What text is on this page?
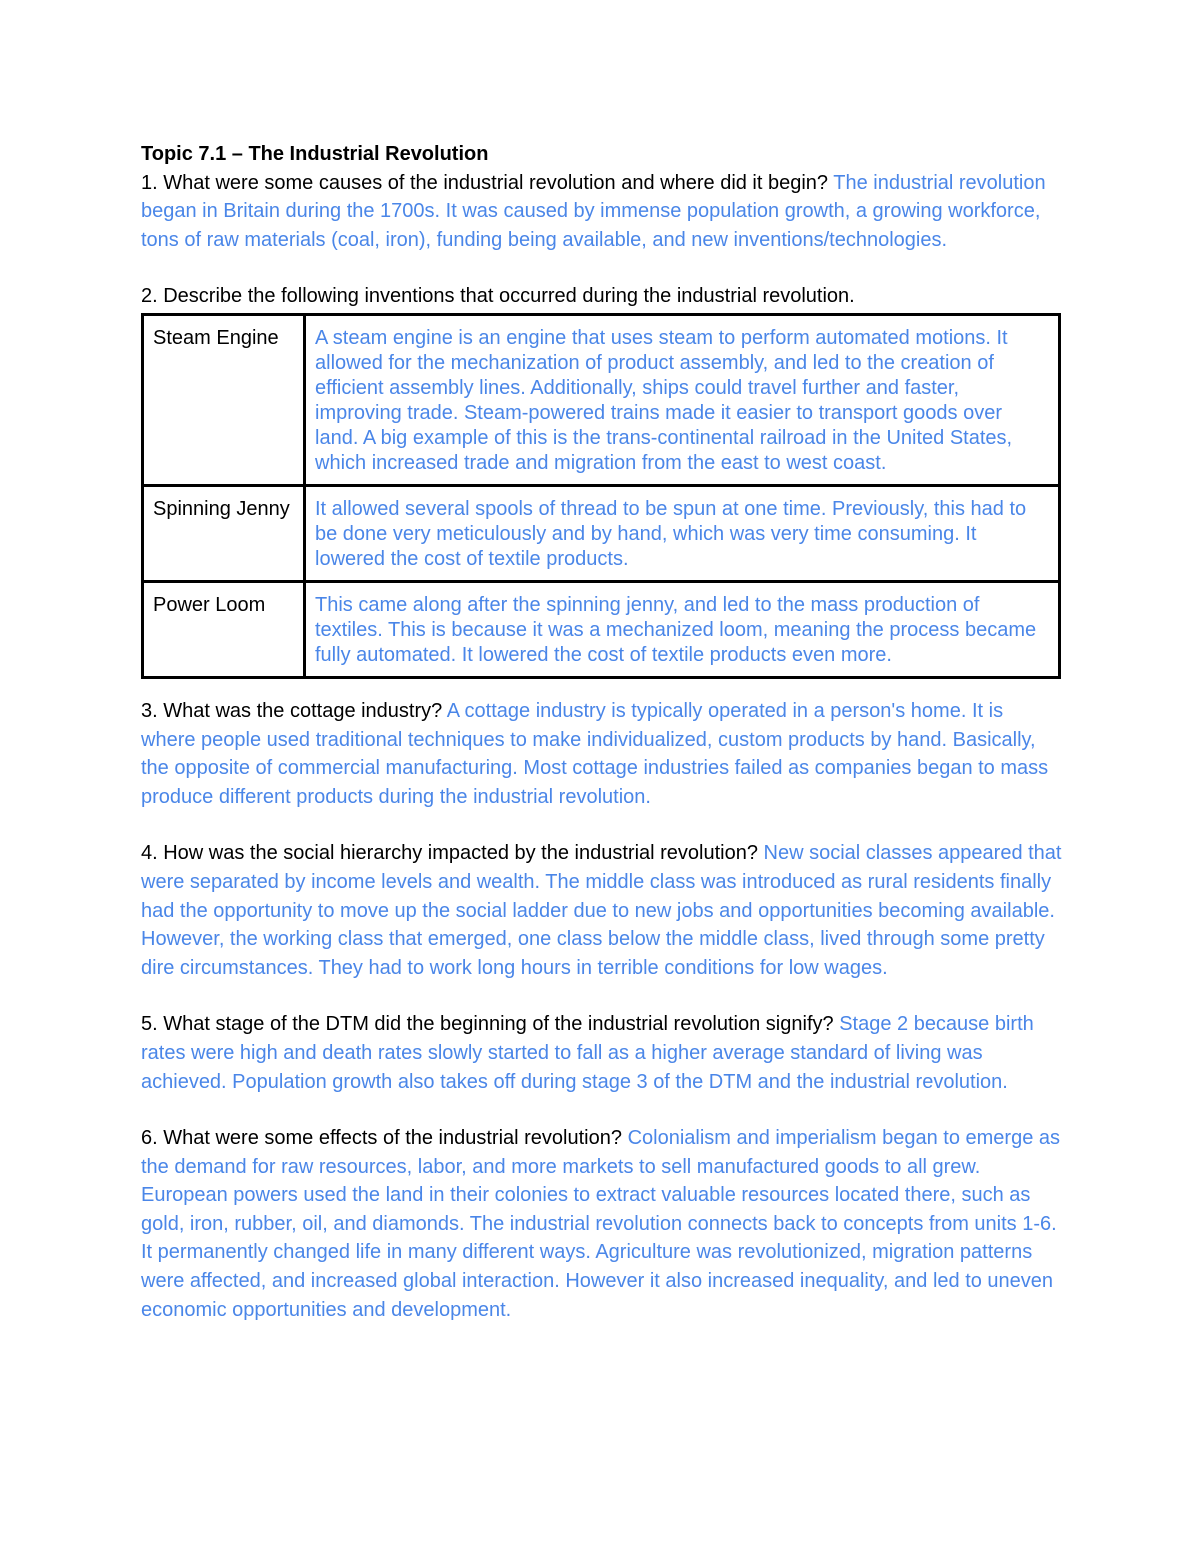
Topic 7.1 – The Industrial Revolution

1. What were some causes of the industrial revolution and where did it begin? The industrial revolution began in Britain during the 1700s. It was caused by immense population growth, a growing workforce, tons of raw materials (coal, iron), funding being available, and new inventions/technologies.

2. Describe the following inventions that occurred during the industrial revolution.

Steam Engine	A steam engine is an engine that uses steam to perform automated motions. It allowed for the mechanization of product assembly, and led to the creation of efficient assembly lines. Additionally, ships could travel further and faster, improving trade. Steam-powered trains made it easier to transport goods over land. A big example of this is the trans-continental railroad in the United States, which increased trade and migration from the east to west coast.
Spinning Jenny	It allowed several spools of thread to be spun at one time. Previously, this had to be done very meticulously and by hand, which was very time consuming. It lowered the cost of textile products.
Power Loom	This came along after the spinning jenny, and led to the mass production of textiles. This is because it was a mechanized loom, meaning the process became fully automated. It lowered the cost of textile products even more.

3. What was the cottage industry? A cottage industry is typically operated in a person's home. It is where people used traditional techniques to make individualized, custom products by hand. Basically, the opposite of commercial manufacturing. Most cottage industries failed as companies began to mass produce different products during the industrial revolution.

4. How was the social hierarchy impacted by the industrial revolution? New social classes appeared that were separated by income levels and wealth. The middle class was introduced as rural residents finally had the opportunity to move up the social ladder due to new jobs and opportunities becoming available. However, the working class that emerged, one class below the middle class, lived through some pretty dire circumstances. They had to work long hours in terrible conditions for low wages.

5. What stage of the DTM did the beginning of the industrial revolution signify? Stage 2 because birth rates were high and death rates slowly started to fall as a higher average standard of living was achieved. Population growth also takes off during stage 3 of the DTM and the industrial revolution.

6. What were some effects of the industrial revolution? Colonialism and imperialism began to emerge as the demand for raw resources, labor, and more markets to sell manufactured goods to all grew. European powers used the land in their colonies to extract valuable resources located there, such as gold, iron, rubber, oil, and diamonds. The industrial revolution connects back to concepts from units 1-6. It permanently changed life in many different ways. Agriculture was revolutionized, migration patterns were affected, and increased global interaction. However it also increased inequality, and led to uneven economic opportunities and development.
